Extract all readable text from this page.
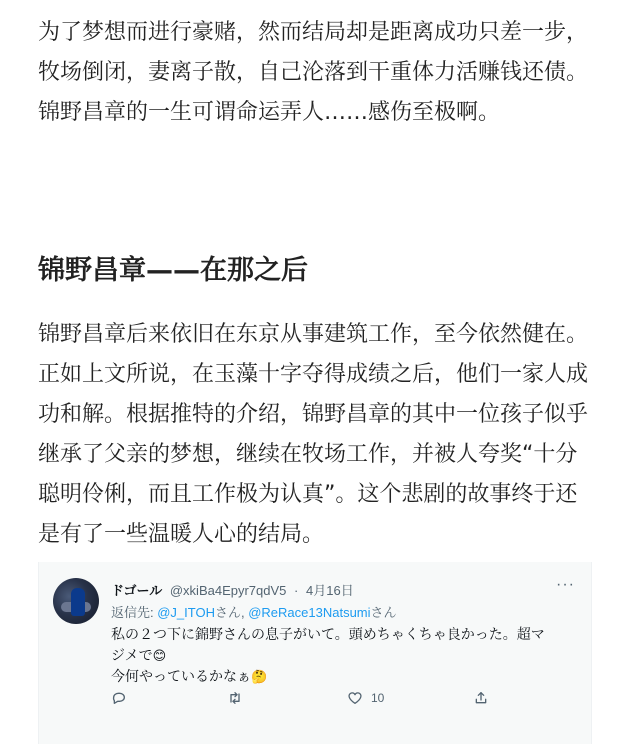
为了梦想而进行豪赌，然而结局却是距离成功只差一步，牧场倒闭，妻离子散，自己沦落到干重体力活赚钱还债。锦野昌章的一生可谓命运弄人……感伤至极啊。

锦野昌章——在那之后

锦野昌章后来依旧在东京从事建筑工作，至今依然健在。正如上文所说，在玉藻十字夺得成绩之后，他们一家人成功和解。根据推特的介绍，锦野昌章的其中一位孩子似乎继承了父亲的梦想，继续在牧场工作，并被人夸奖“十分聪明伶俐，而且工作极为认真”。这个悲剧的故事终于还是有了一些温暖人心的结局。

ドゴール @xkiBa4Epyr7qdV5 · 4月16日	···
返信先: @J_ITOHさん, @ReRace13Natsumiさん
私の２つ下に錦野さんの息子がいて。頭めちゃくちゃ良かった。超マジメで😊
今何やっているかなぁ🤔
10
